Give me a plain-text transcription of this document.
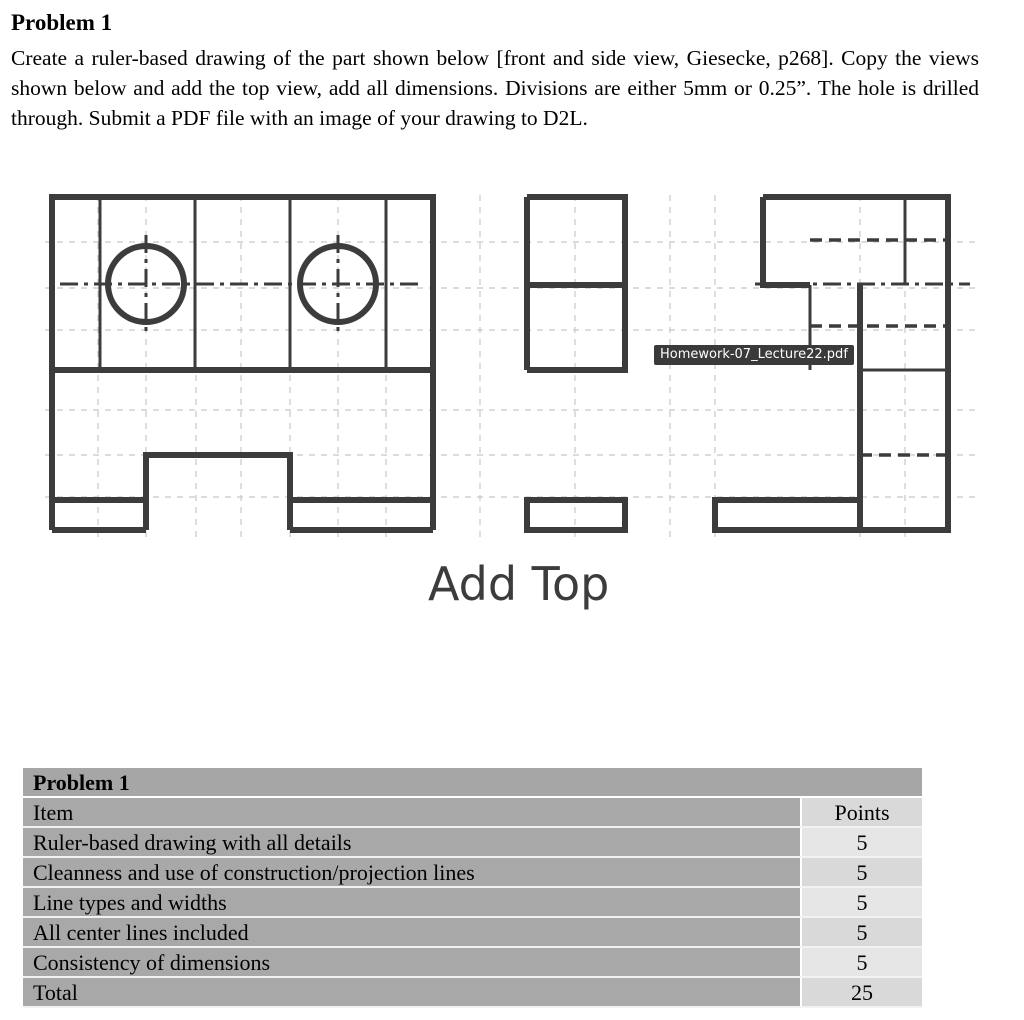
Problem 1
Create a ruler-based drawing of the part shown below [front and side view, Giesecke, p268]. Copy the views shown below and add the top view, add all dimensions. Divisions are either 5mm or 0.25”. The hole is drilled through. Submit a PDF file with an image of your drawing to D2L.
Add Top
Homework-07_Lecture22.pdf
Problem 1	
Item	Points
Ruler-based drawing with all details	5
Cleanness and use of construction/projection lines	5
Line types and widths	5
All center lines included	5
Consistency of dimensions	5
Total	25
